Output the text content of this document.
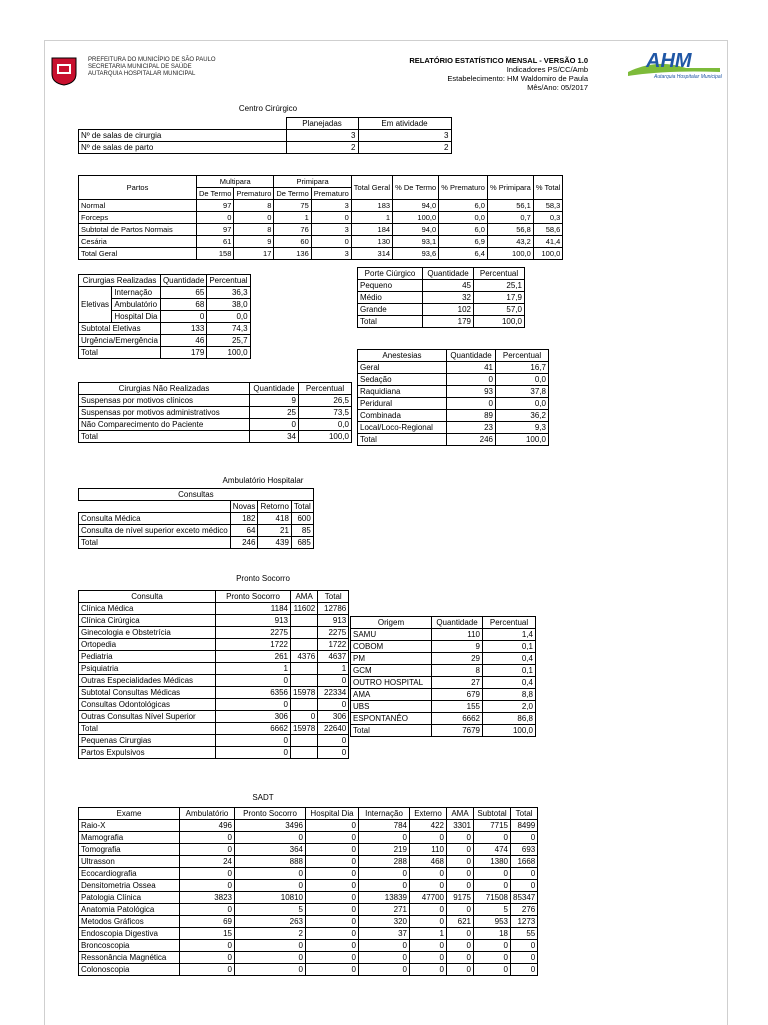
PREFEITURA DO MUNICÍPIO DE SÃO PAULO
SECRETARIA MUNICIPAL DE SAÚDE
AUTARQUIA HOSPITALAR MUNICIPAL
RELATÓRIO ESTATÍSTICO MENSAL - VERSÃO 1.0
Indicadores PS/CC/Amb
Estabelecimento: HM Waldomiro de Paula
Mês/Ano: 05/2017
AHM
Autarquia Hospitalar Municipal
Centro Cirúrgico
	Planejadas	Em atividade
Nº de salas de cirurgia	3	3
Nº de salas de parto	2	2
Partos	Multipara		Primipara		Total Geral	% De Termo	% Prematuro	% Primipara	% Total
	De Termo	Prematuro	De Termo	Prematuro					
Normal	97	8	75	3	183	94,0	6,0	56,1	58,3
Forceps	0	0	1	0	1	100,0	0,0	0,7	0,3
Subtotal de Partos Normais	97	8	76	3	184	94,0	6,0	56,8	58,6
Cesária	61	9	60	0	130	93,1	6,9	43,2	41,4
Total Geral	158	17	136	3	314	93,6	6,4	100,0	100,0
Cirurgias Realizadas		Quantidade	Percentual
Eletivas	Internação	65	36,3
	Ambulatório	68	38,0
	Hospital Dia	0	0,0
Subtotal Eletivas		133	74,3
Urgência/Emergência		46	25,7
Total		179	100,0
Porte Ciúrgico	Quantidade	Percentual
Pequeno	45	25,1
Médio	32	17,9
Grande	102	57,0
Total	179	100,0
Anestesias	Quantidade	Percentual
Geral	41	16,7
Sedação	0	0,0
Raquidiana	93	37,8
Peridural	0	0,0
Combinada	89	36,2
Local/Loco-Regional	23	9,3
Total	246	100,0
Cirurgias Não Realizadas	Quantidade	Percentual
Suspensas por motivos clínicos	9	26,5
Suspensas por motivos administrativos	25	73,5
Não Comparecimento do Paciente	0	0,0
Total	34	100,0
Ambulatório Hospitalar
Consultas			
	Novas	Retorno	Total
Consulta Médica	182	418	600
Consulta de nível superior exceto médico	64	21	85
Total	246	439	685
Pronto Socorro
Consulta	Pronto Socorro	AMA	Total
Clínica Médica	1184	11602	12786
Clínica Cirúrgica	913		913
Ginecologia e Obstetrícia	2275		2275
Ortopedia	1722		1722
Pediatria	261	4376	4637
Psiquiatria	1		1
Outras Especialidades Médicas	0		0
Subtotal Consultas Médicas	6356	15978	22334
Consultas Odontológicas	0		0
Outras Consultas Nível Superior	306	0	306
Total	6662	15978	22640
Pequenas Cirurgias	0		0
Partos Expulsivos	0		0
Origem	Quantidade	Percentual
SAMU	110	1,4
COBOM	9	0,1
PM	29	0,4
GCM	8	0,1
OUTRO HOSPITAL	27	0,4
AMA	679	8,8
UBS	155	2,0
ESPONTANÊO	6662	86,8
Total	7679	100,0
SADT
Exame	Ambulatório	Pronto Socorro	Hospital Dia	Internação	Externo	AMA	Subtotal	Total
Raio-X	496	3496	0	784	422	3301	7715	8499
Mamografia	0	0	0	0	0	0	0	0
Tomografia	0	364	0	219	110	0	474	693
Ultrasson	24	888	0	288	468	0	1380	1668
Ecocardiografia	0	0	0	0	0	0	0	0
Densitometria Ossea	0	0	0	0	0	0	0	0
Patologia Clínica	3823	10810	0	13839	47700	9175	71508	85347
Anatomia Patológica	0	5	0	271	0	0	5	276
Metodos Gráficos	69	263	0	320	0	621	953	1273
Endoscopia Digestiva	15	2	0	37	1	0	18	55
Broncoscopia	0	0	0	0	0	0	0	0
Ressonância Magnética	0	0	0	0	0	0	0	0
Colonoscopia	0	0	0	0	0	0	0	0
